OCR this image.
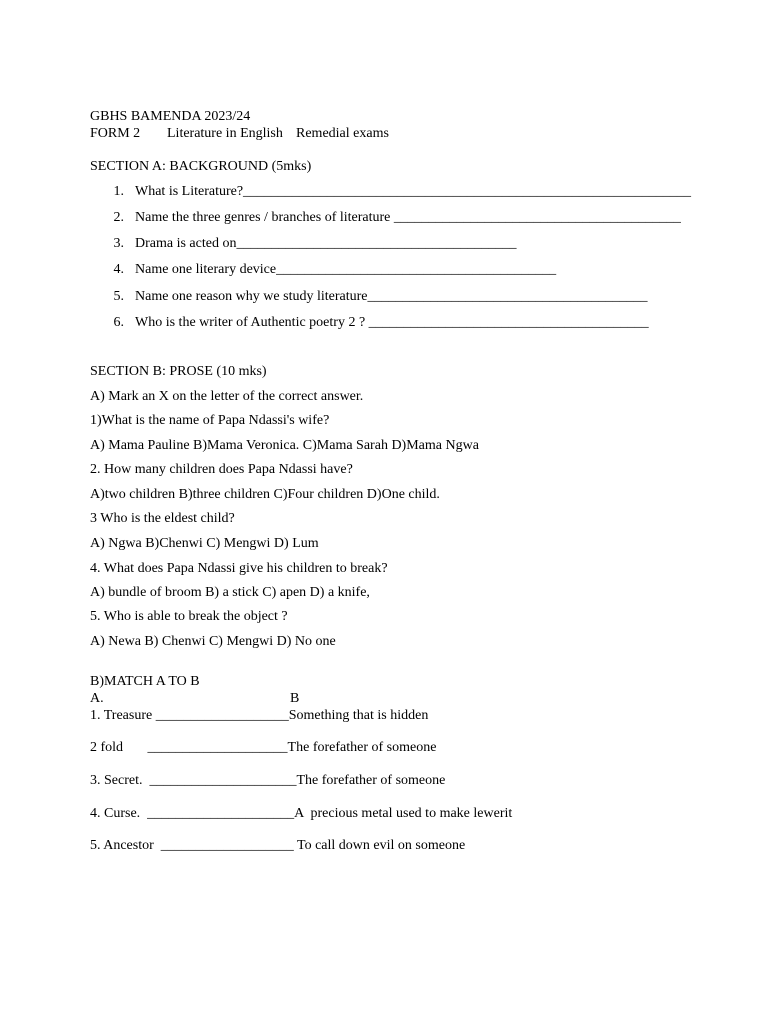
GBHS BAMENDA 2023/24
FORM 2 Literature in English Remedial exams
SECTION A: BACKGROUND (5mks)
1. What is Literature?________________________________________________________________
2. Name the three genres / branches of literature _________________________________________
3. Drama is acted on________________________________________
4. Name one literary device________________________________________
5. Name one reason why we study literature________________________________________
6. Who is the writer of Authentic poetry 2 ? ________________________________________
SECTION B: PROSE (10 mks)
A) Mark an X on the letter of the correct answer.
1)What is the name of Papa Ndassi's wife?
A) Mama Pauline B)Mama Veronica. C)Mama Sarah D)Mama Ngwa
2. How many children does Papa Ndassi have?
A)two children B)three children C)Four children D)One child.
3 Who is the eldest child?
A) Ngwa B)Chenwi C) Mengwi D) Lum
4. What does Papa Ndassi give his children to break?
A) bundle of broom B) a stick C) apen D) a knife,
5. Who is able to break the object ?
A) Newa B) Chenwi C) Mengwi D) No one
B)MATCH A TO B
A.	B
1. Treasure ___________________Something that is hidden
2 fold       ____________________The forefather of someone
3. Secret.  _____________________The forefather of someone
4. Curse.  _____________________A  precious metal used to make lewerit
5. Ancestor  ___________________ To call down evil on someone
